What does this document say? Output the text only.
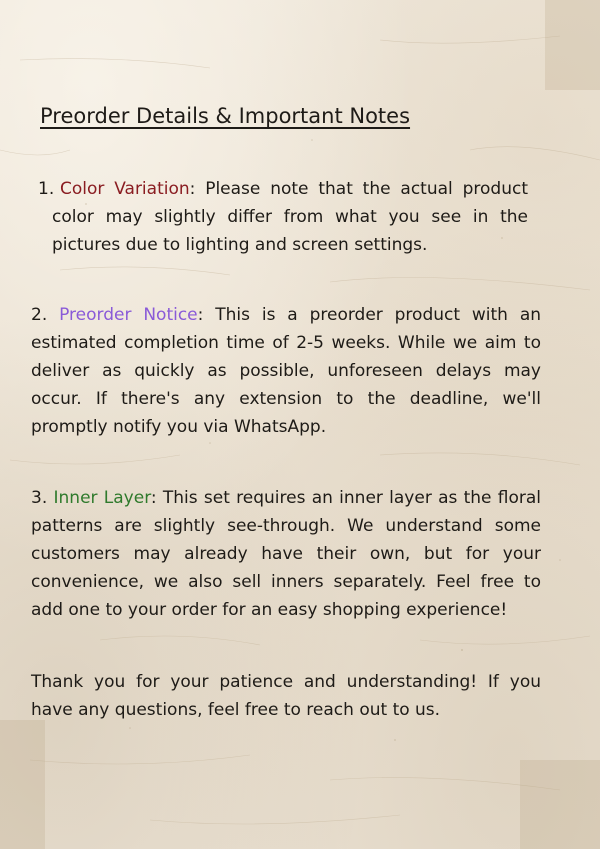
Preorder Details & Important Notes

1. Color Variation: Please note that the actual product color may slightly differ from what you see in the pictures due to lighting and screen settings.

2. Preorder Notice: This is a preorder product with an estimated completion time of 2-5 weeks. While we aim to deliver as quickly as possible, unforeseen delays may occur. If there's any extension to the deadline, we'll promptly notify you via WhatsApp.

3. Inner Layer: This set requires an inner layer as the floral patterns are slightly see-through. We understand some customers may already have their own, but for your convenience, we also sell inners separately. Feel free to add one to your order for an easy shopping experience!

Thank you for your patience and understanding! If you have any questions, feel free to reach out to us.
